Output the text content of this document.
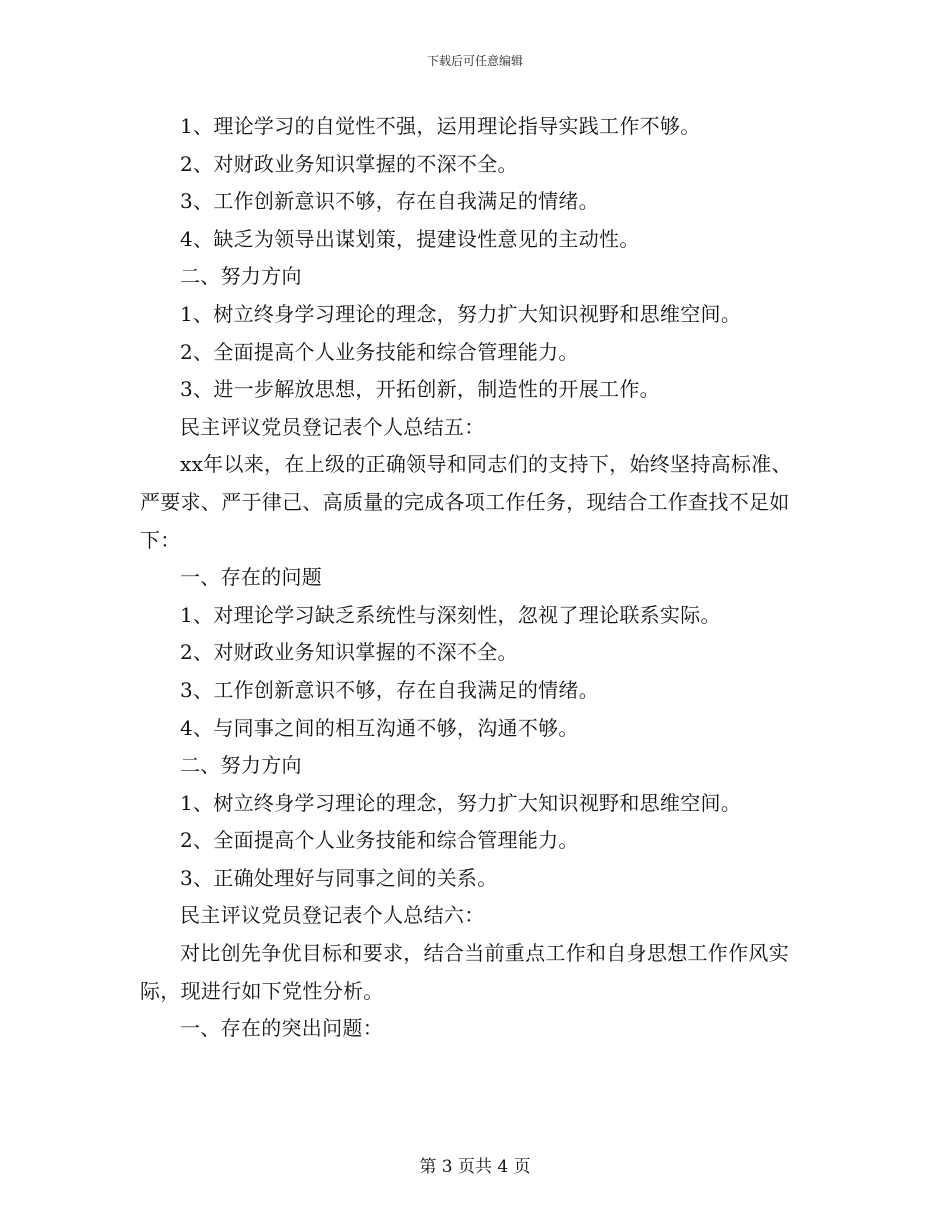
下载后可任意编辑

1、理论学习的自觉性不强，运用理论指导实践工作不够。

2、对财政业务知识掌握的不深不全。

3、工作创新意识不够，存在自我满足的情绪。

4、缺乏为领导出谋划策，提建设性意见的主动性。

二、努力方向

1、树立终身学习理论的理念，努力扩大知识视野和思维空间。

2、全面提高个人业务技能和综合管理能力。

3、进一步解放思想，开拓创新，制造性的开展工作。

民主评议党员登记表个人总结五：

xx年以来，在上级的正确领导和同志们的支持下，始终坚持高标准、严要求、严于律己、高质量的完成各项工作任务，现结合工作查找不足如下：

一、存在的问题

1、对理论学习缺乏系统性与深刻性，忽视了理论联系实际。

2、对财政业务知识掌握的不深不全。

3、工作创新意识不够，存在自我满足的情绪。

4、与同事之间的相互沟通不够，沟通不够。

二、努力方向

1、树立终身学习理论的理念，努力扩大知识视野和思维空间。

2、全面提高个人业务技能和综合管理能力。

3、正确处理好与同事之间的关系。

民主评议党员登记表个人总结六：

对比创先争优目标和要求，结合当前重点工作和自身思想工作作风实际，现进行如下党性分析。

一、存在的突出问题：

第 3 页共 4 页
